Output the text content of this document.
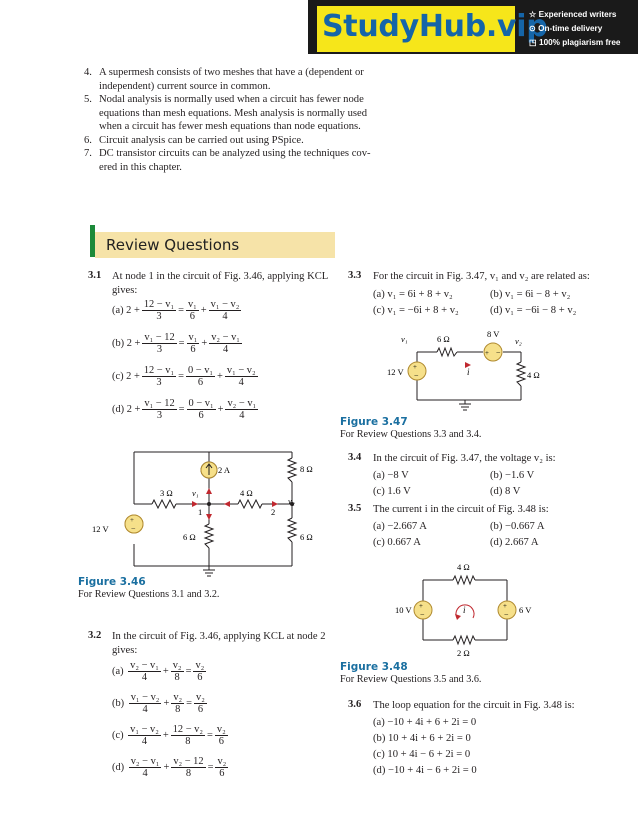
StudyHub.vip
☆ Experienced writers
⊙ On-time delivery
◳ 100% plagiarism free
4. A supermesh consists of two meshes that have a (dependent or
independent) current source in common.
5. Nodal analysis is normally used when a circuit has fewer node
equations than mesh equations. Mesh analysis is normally used
when a circuit has fewer mesh equations than node equations.
6. Circuit analysis can be carried out using PSpice.
7. DC transistor circuits can be analyzed using the techniques cov-
ered in this chapter.
Review Questions
3.1 At node 1 in the circuit of Fig. 3.46, applying KCL
gives:
(a) $2 + \frac{\text{12 − v₁}}{3} = \frac{\text{v₁}}{6} + \frac{\text{v₁ − v₂}}{4}$
(b) $2 + \frac{\text{v₁ − 12}}{3} = \frac{\text{v₁}}{6} + \frac{\text{v₂ − v₁}}{4}$
(c) $2 + \frac{\text{12 − v₁}}{3} = \frac{\text{0 − v₁}}{6} + \frac{\text{v₁ − v₂}}{4}$
(d) $2 + \frac{\text{v₁ − 12}}{3} = \frac{\text{0 − v₁}}{6} + \frac{\text{v₂ − v₁}}{4}$
+
−
12 V
3 Ω v₁
2 A
4 Ω
8 Ω
v₂
1	2
6 Ω	6 Ω
Figure 3.46
For Review Questions 3.1 and 3.2.
3.2 In the circuit of Fig. 3.46, applying KCL at node 2
gives:
$(a) \frac{\text{v₂ − v₁}}{4} + \frac{\text{v₂}}{8} = \frac{\text{v₂}}{6}$
$(b) \frac{\text{v₁ − v₂}}{4} + \frac{\text{v₂}}{8} = \frac{\text{v₂}}{6}$
$(c) \frac{\text{v₁ − v₂}}{4} + \frac{\text{12 − v₂}}{8} = \frac{\text{v₂}}{6}$
$(d) \frac{\text{v₂ − v₁}}{4} + \frac{\text{v₂ − 12}}{8} = \frac{\text{v₂}}{6}$
3.3 For the circuit in Fig. 3.47, v₁ and v₂ are related as:
(a) v₁ = 6i + 8 + v₂	(b) v₁ = 6i − 8 + v₂
(c) v₁ = −6i + 8 + v₂	(d) v₁ = −6i − 8 + v₂
+
−
+ −
v₁	6 Ω	8 V
v₂
12 V	i	4 Ω
Figure 3.47
For Review Questions 3.3 and 3.4.
3.4 In the circuit of Fig. 3.47, the voltage v₂ is:
(a) −8 V	(b) −1.6 V
(c) 1.6 V	(d) 8 V
3.5 The current i in the circuit of Fig. 3.48 is:
(a) −2.667 A	(b) −0.667 A
(c) 0.667 A	(d) 2.667 A
+
−
+
−
4 Ω
10 V	i	6 V
2 Ω
Figure 3.48
For Review Questions 3.5 and 3.6.
3.6 The loop equation for the circuit in Fig. 3.48 is:
(a) −10 + 4i + 6 + 2i = 0
(b) 10 + 4i + 6 + 2i = 0
(c) 10 + 4i − 6 + 2i = 0
(d) −10 + 4i − 6 + 2i = 0
